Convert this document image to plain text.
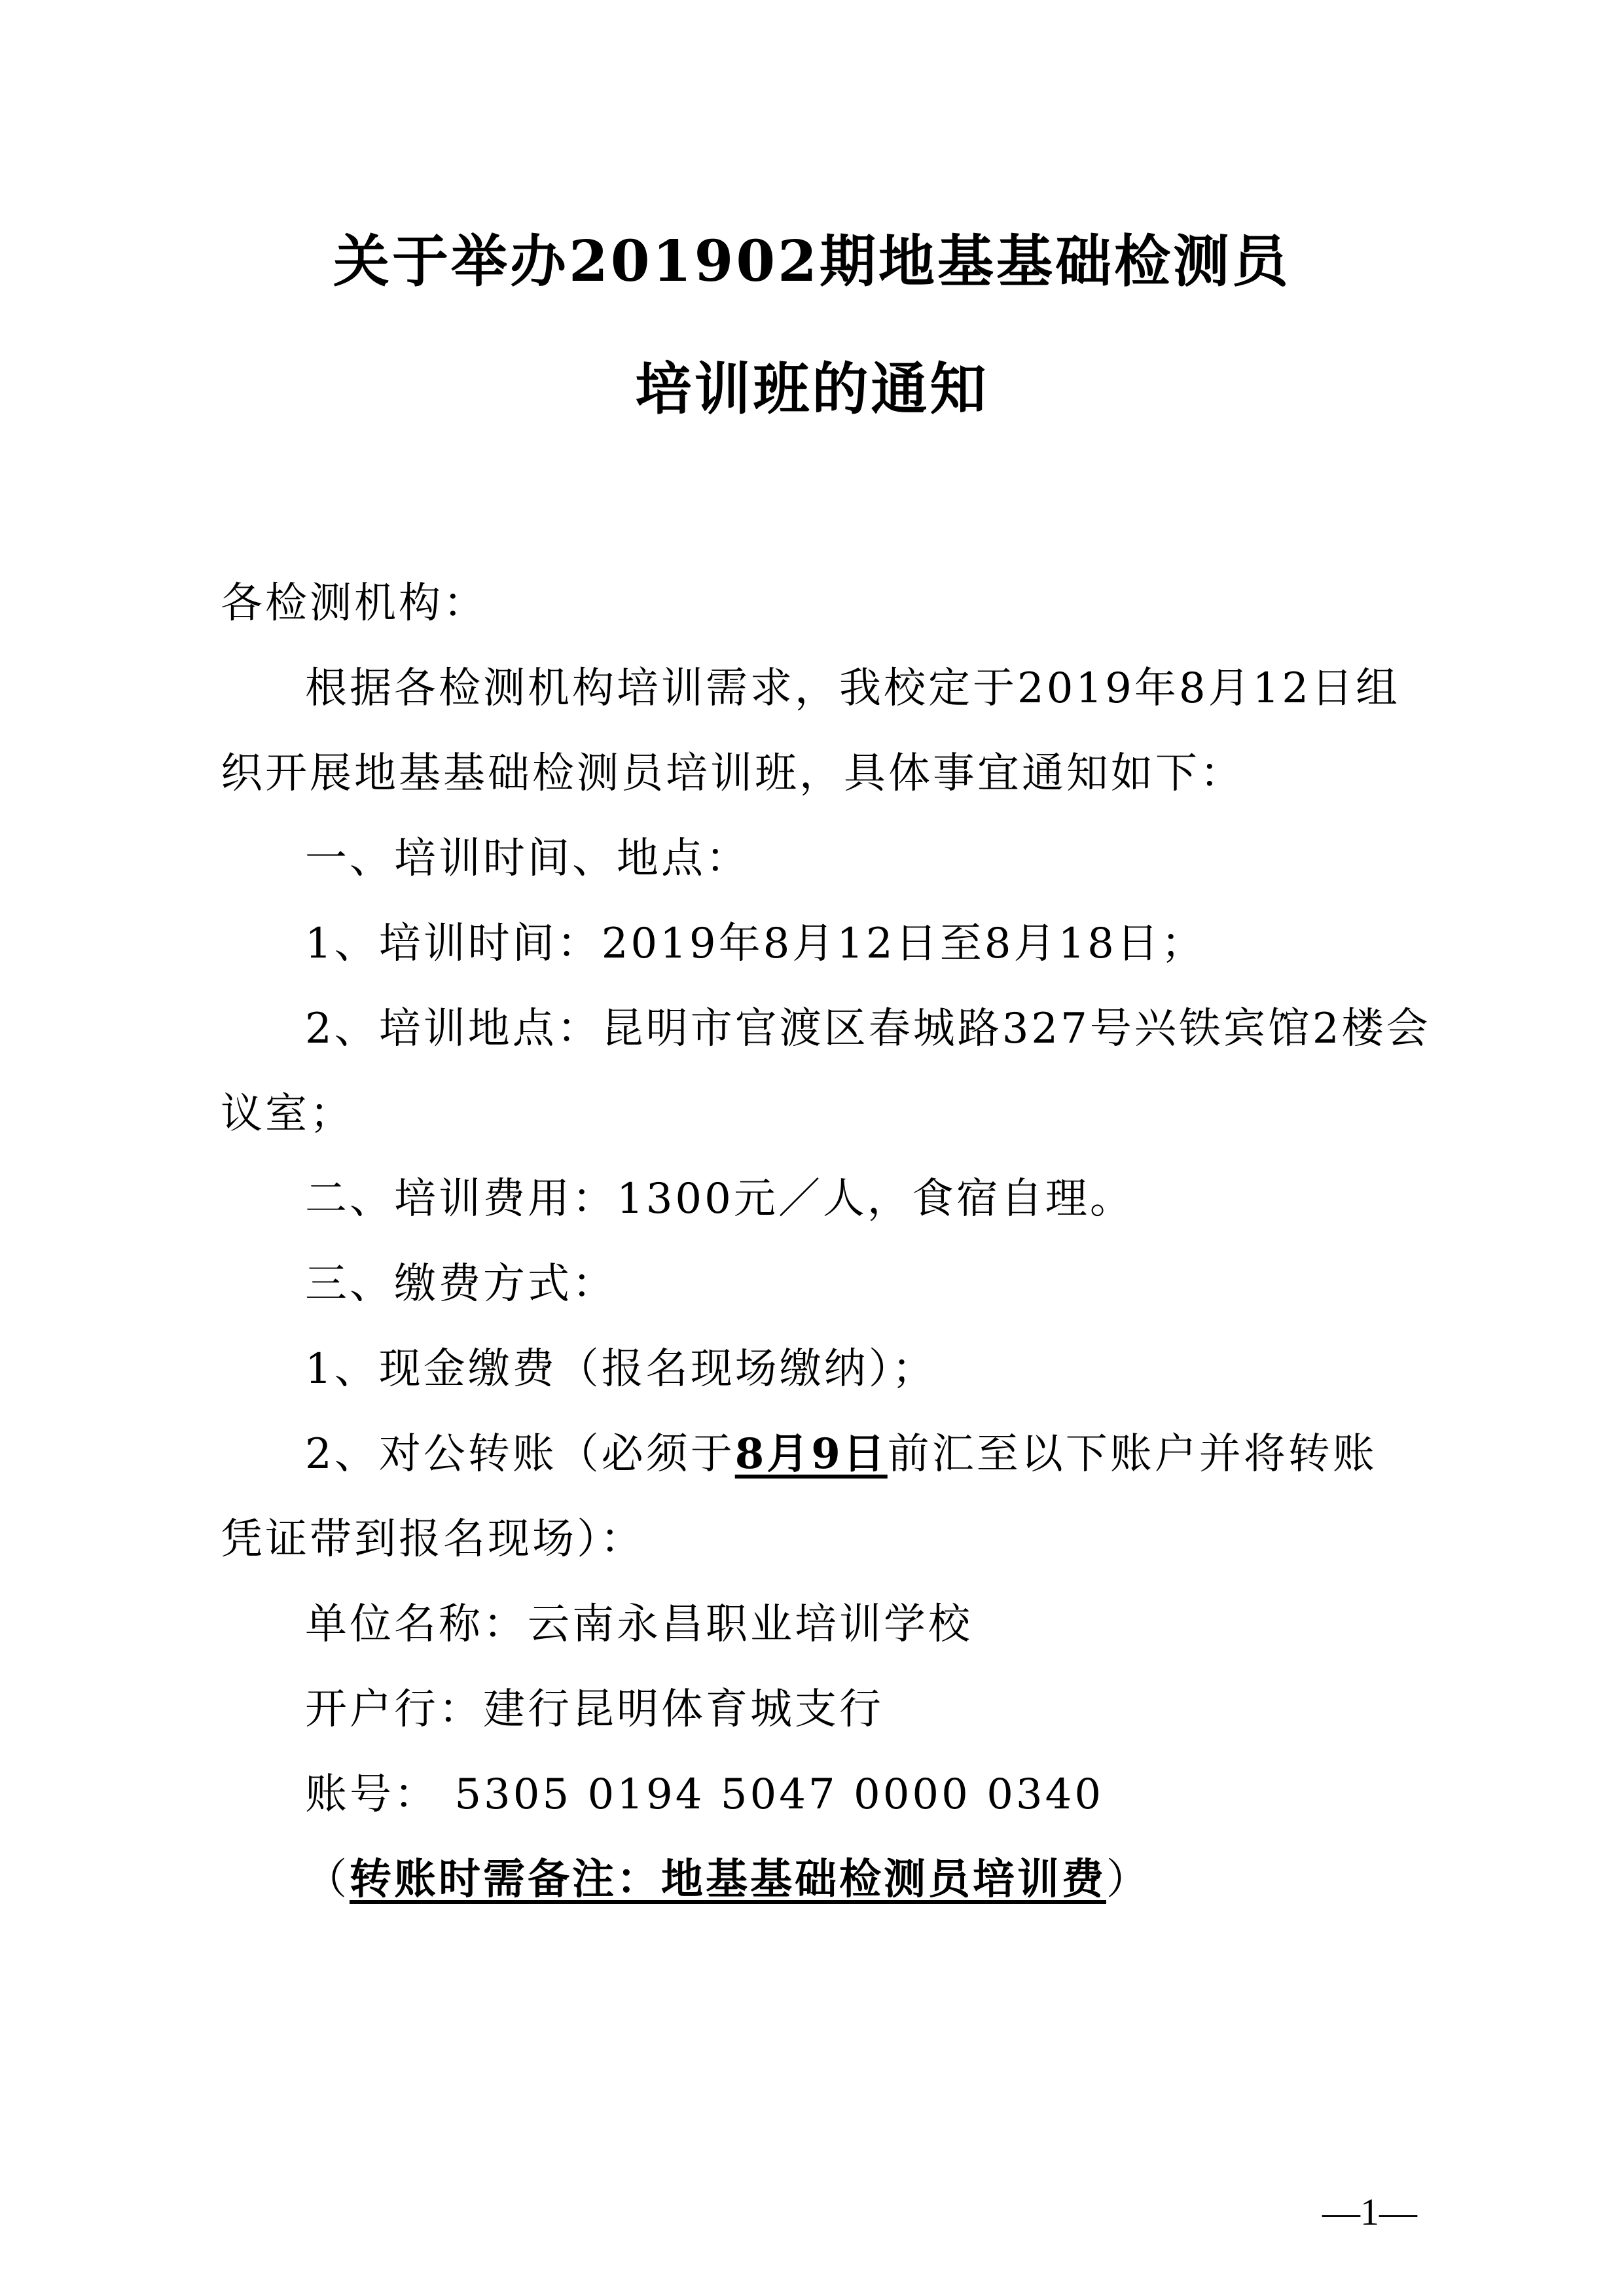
关于举办201902期地基基础检测员
培训班的通知
各检测机构：
根据各检测机构培训需求，我校定于2019年8月12日组
织开展地基基础检测员培训班，具体事宜通知如下：
一、培训时间、地点：
1、培训时间：2019年8月12日至8月18日；
2、培训地点：昆明市官渡区春城路327号兴铁宾馆2楼会
议室；
二、培训费用：1300元／人，食宿自理。
三、缴费方式：
1、现金缴费（报名现场缴纳）；
2、对公转账（必须于8月9日前汇至以下账户并将转账
凭证带到报名现场）：
单位名称：云南永昌职业培训学校
开户行：建行昆明体育城支行
账号： 5305 0194 5047 0000 0340
（转账时需备注：地基基础检测员培训费）
—1—
